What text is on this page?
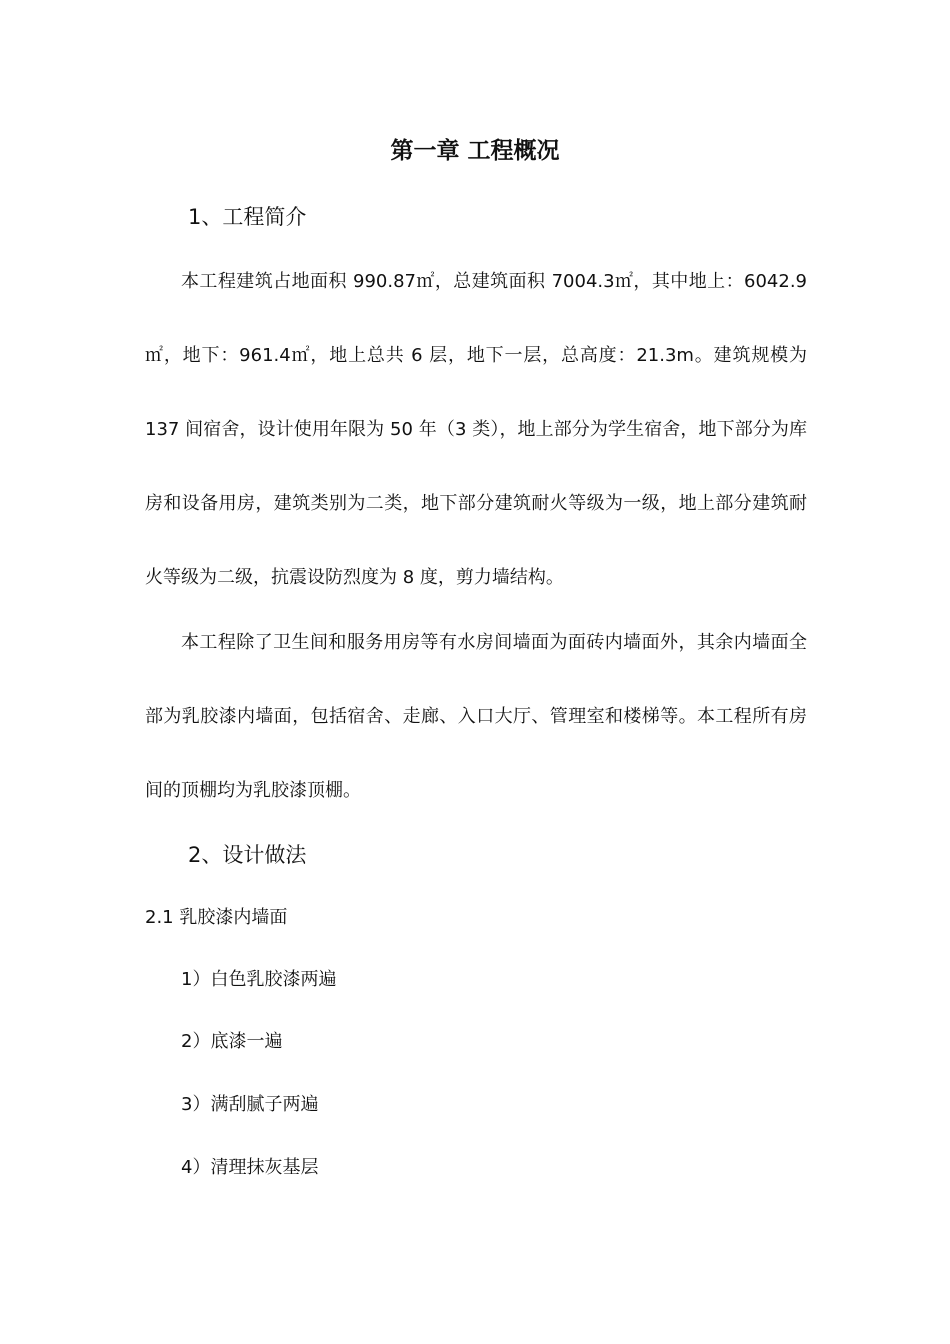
第一章 工程概况
1、工程简介

本工程建筑占地面积 990.87㎡，总建筑面积 7004.3㎡，其中地上：6042.9㎡，地下：961.4㎡，地上总共 6 层，地下一层，总高度：21.3m。建筑规模为 137 间宿舍，设计使用年限为 50 年（3 类），地上部分为学生宿舍，地下部分为库房和设备用房，建筑类别为二类，地下部分建筑耐火等级为一级，地上部分建筑耐火等级为二级，抗震设防烈度为 8 度，剪力墙结构。

本工程除了卫生间和服务用房等有水房间墙面为面砖内墙面外，其余内墙面全部为乳胶漆内墙面，包括宿舍、走廊、入口大厅、管理室和楼梯等。本工程所有房间的顶棚均为乳胶漆顶棚。

2、设计做法

2.1 乳胶漆内墙面

1）白色乳胶漆两遍

2）底漆一遍

3）满刮腻子两遍

4）清理抹灰基层
